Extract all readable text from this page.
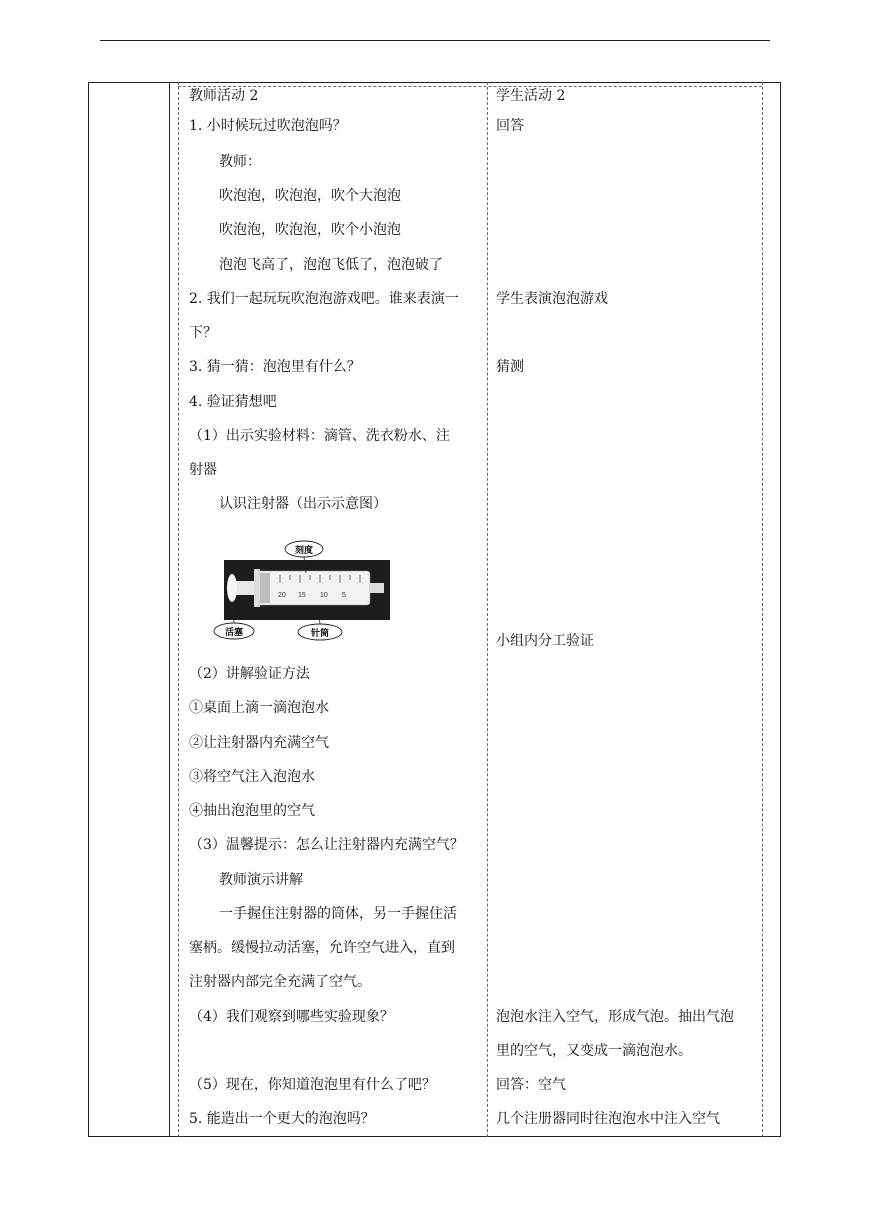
教师活动 2
1. 小时候玩过吹泡泡吗？
教师：
吹泡泡，吹泡泡，吹个大泡泡
吹泡泡，吹泡泡，吹个小泡泡
泡泡飞高了，泡泡飞低了，泡泡破了
2. 我们一起玩玩吹泡泡游戏吧。谁来表演一
下？
3. 猜一猜：泡泡里有什么？
4. 验证猜想吧
（1）出示实验材料：滴管、洗衣粉水、注
射器
认识注射器（出示示意图）
20 15 10 5
刻度
活塞	针筒
（2）讲解验证方法
①桌面上滴一滴泡泡水
②让注射器内充满空气
③将空气注入泡泡水
④抽出泡泡里的空气
（3）温馨提示：怎么让注射器内充满空气？
教师演示讲解
一手握住注射器的筒体，另一手握住活
塞柄。缓慢拉动活塞，允许空气进入，直到
注射器内部完全充满了空气。
（4）我们观察到哪些实验现象？
（5）现在，你知道泡泡里有什么了吧？
5. 能造出一个更大的泡泡吗？
学生活动 2
回答
学生表演泡泡游戏
猜测
小组内分工验证
泡泡水注入空气，形成气泡。抽出气泡
里的空气，又变成一滴泡泡水。
回答：空气
几个注册器同时往泡泡水中注入空气
